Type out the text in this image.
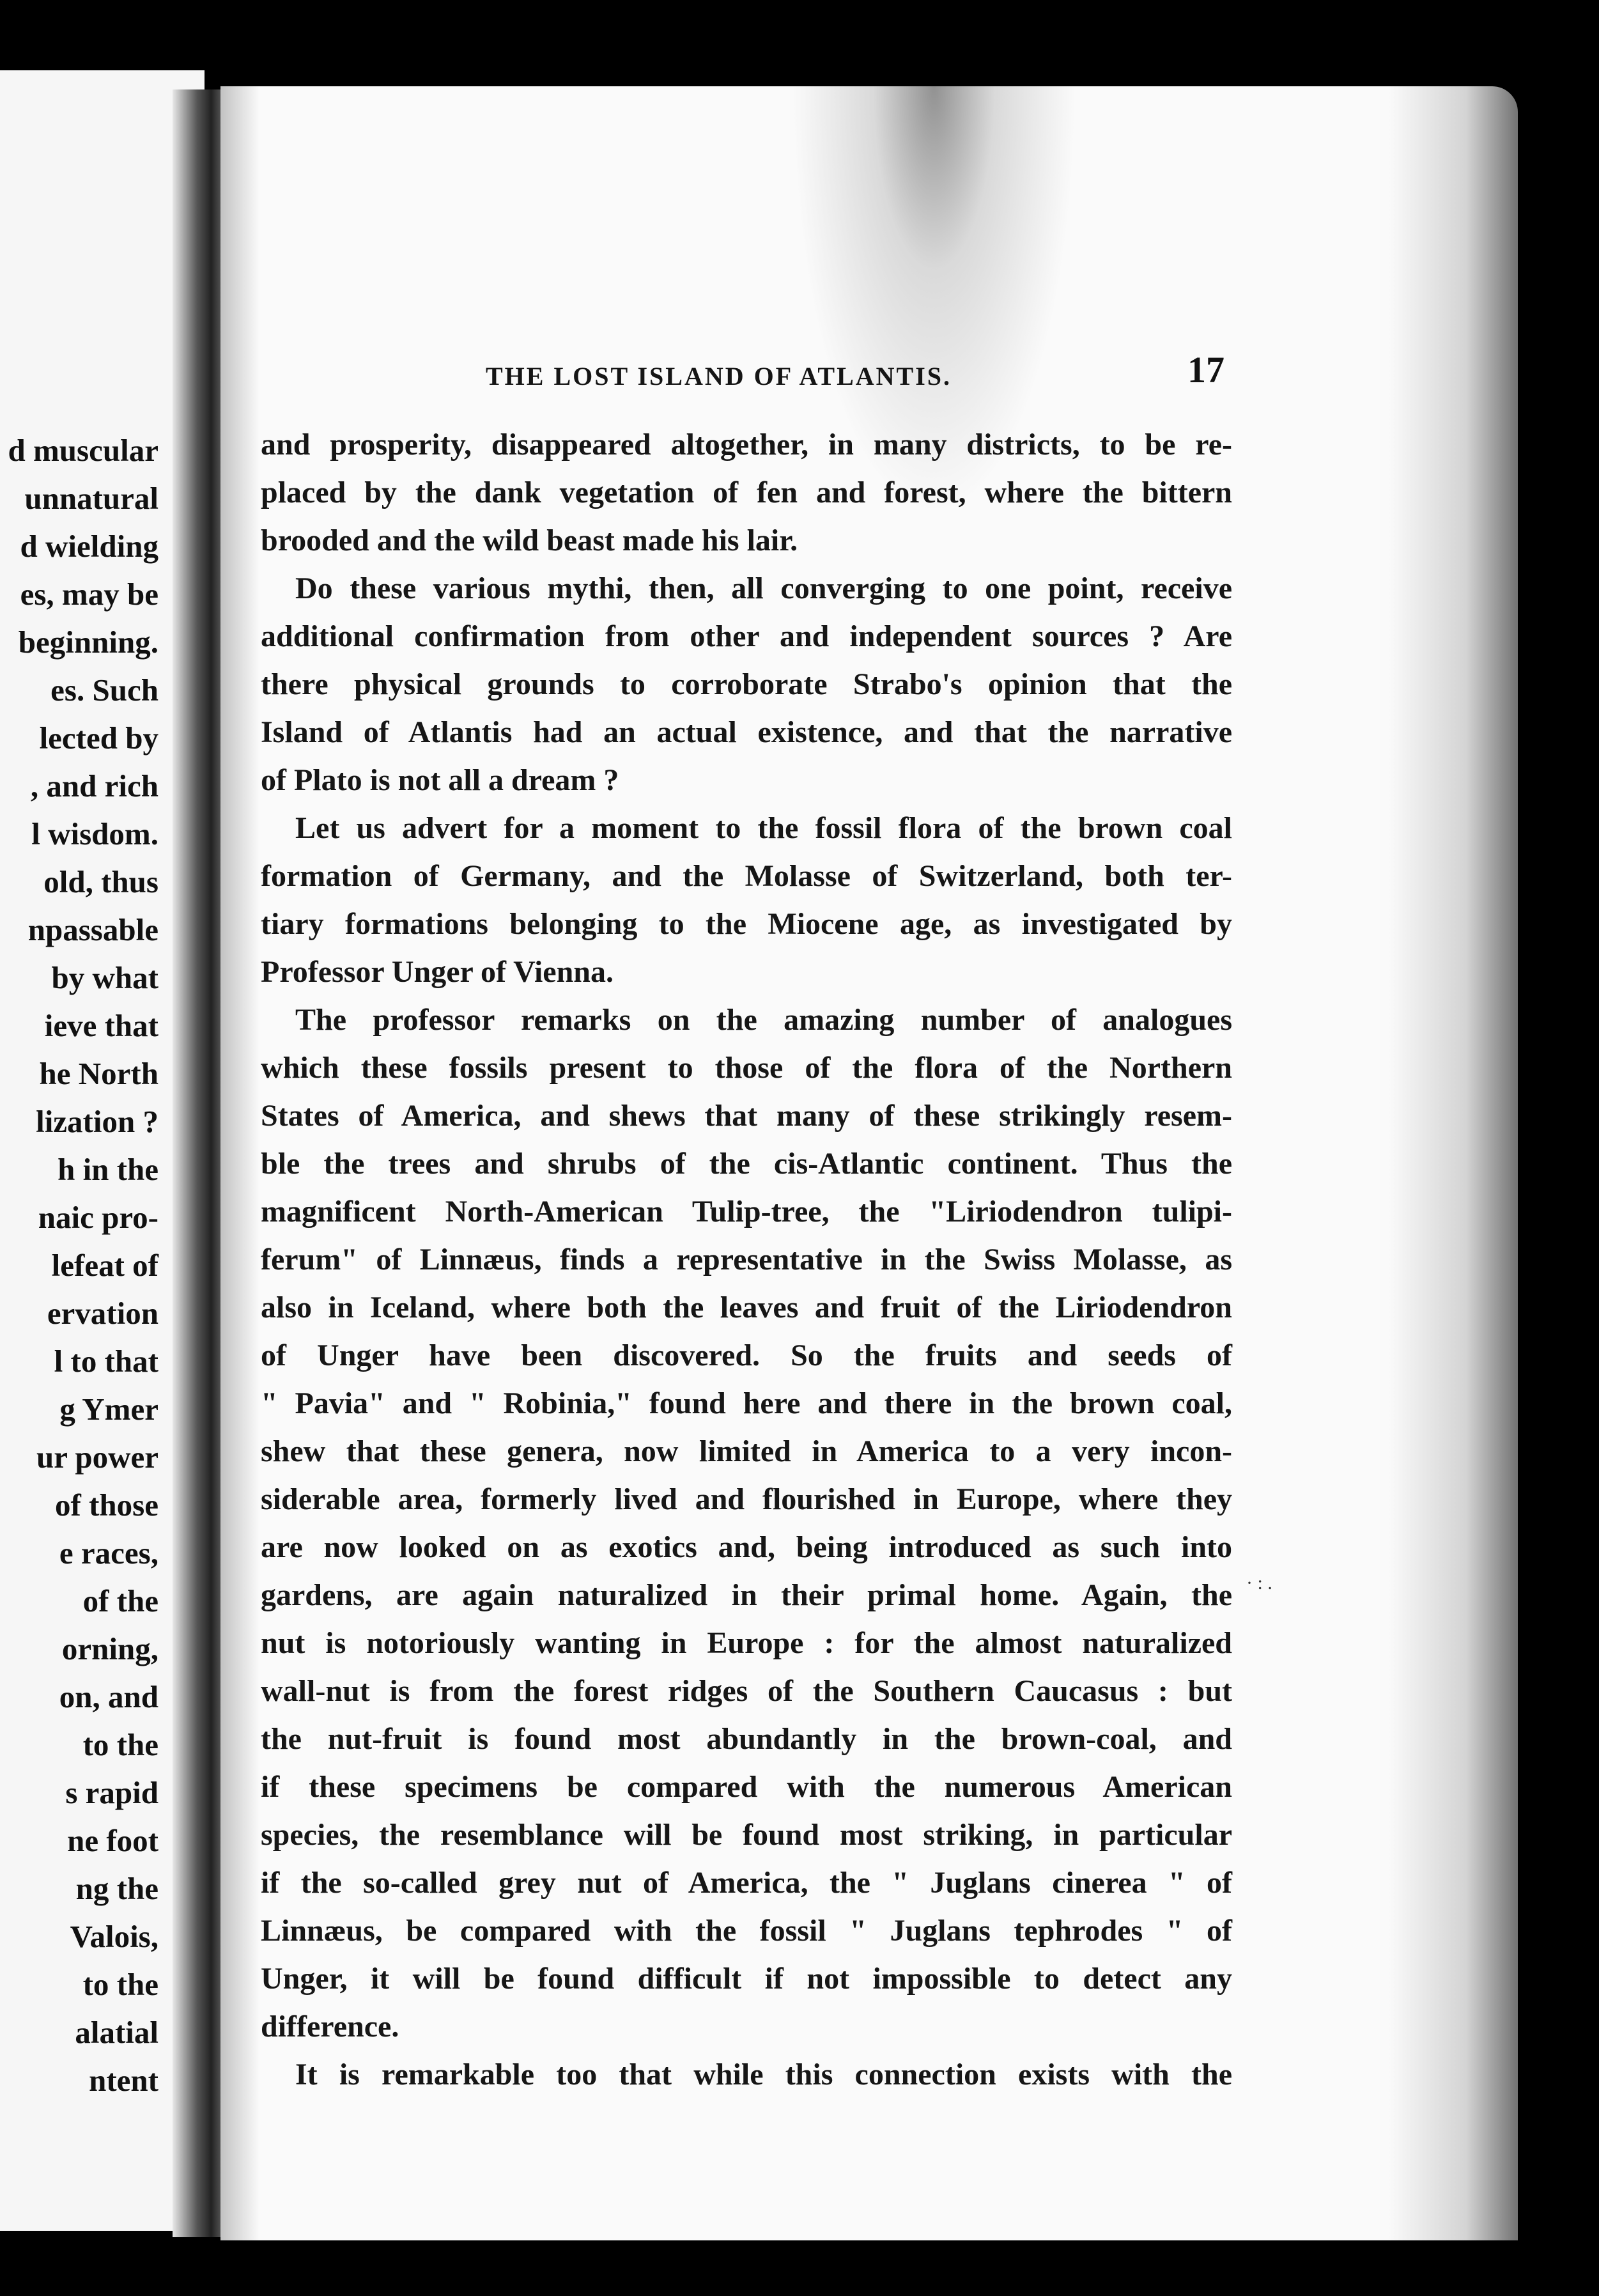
d muscular
unnatural
d wielding
es, may be
beginning.
es. Such
lected by
, and rich
l wisdom.
old, thus
npassable
by what
ieve that
he North
lization ?
h in the
naic pro-
lefeat of
ervation
l to that
g Ymer
ur power
of those
e races,
of the
orning,
on, and
to the
s rapid
ne foot
ng the
Valois,
to the
alatial
ntent
THE LOST ISLAND OF ATLANTIS.	17
and prosperity, disappeared altogether, in many districts, to be re-
placed by the dank vegetation of fen and forest, where the bittern
brooded and the wild beast made his lair.
Do these various mythi, then, all converging to one point, receive
additional confirmation from other and independent sources ? Are
there physical grounds to corroborate Strabo's opinion that the
Island of Atlantis had an actual existence, and that the narrative
of Plato is not all a dream ?
Let us advert for a moment to the fossil flora of the brown coal
formation of Germany, and the Molasse of Switzerland, both ter-
tiary formations belonging to the Miocene age, as investigated by
Professor Unger of Vienna.
The professor remarks on the amazing number of analogues
which these fossils present to those of the flora of the Northern
States of America, and shews that many of these strikingly resem-
ble the trees and shrubs of the cis-Atlantic continent. Thus the
magnificent North-American Tulip-tree, the "Liriodendron tulipi-
ferum" of Linnæus, finds a representative in the Swiss Molasse, as
also in Iceland, where both the leaves and fruit of the Liriodendron
of Unger have been discovered. So the fruits and seeds of
" Pavia" and " Robinia," found here and there in the brown coal,
shew that these genera, now limited in America to a very incon-
siderable area, formerly lived and flourished in Europe, where they
are now looked on as exotics and, being introduced as such into
gardens, are again naturalized in their primal home. Again, the
nut is notoriously wanting in Europe : for the almost naturalized
wall-nut is from the forest ridges of the Southern Caucasus : but
the nut-fruit is found most abundantly in the brown-coal, and
if these specimens be compared with the numerous American
species, the resemblance will be found most striking, in particular
if the so-called grey nut of America, the " Juglans cinerea " of
Linnæus, be compared with the fossil " Juglans tephrodes " of
Unger, it will be found difficult if not impossible to detect any
difference.
It is remarkable too that while this connection exists with the
· : .
